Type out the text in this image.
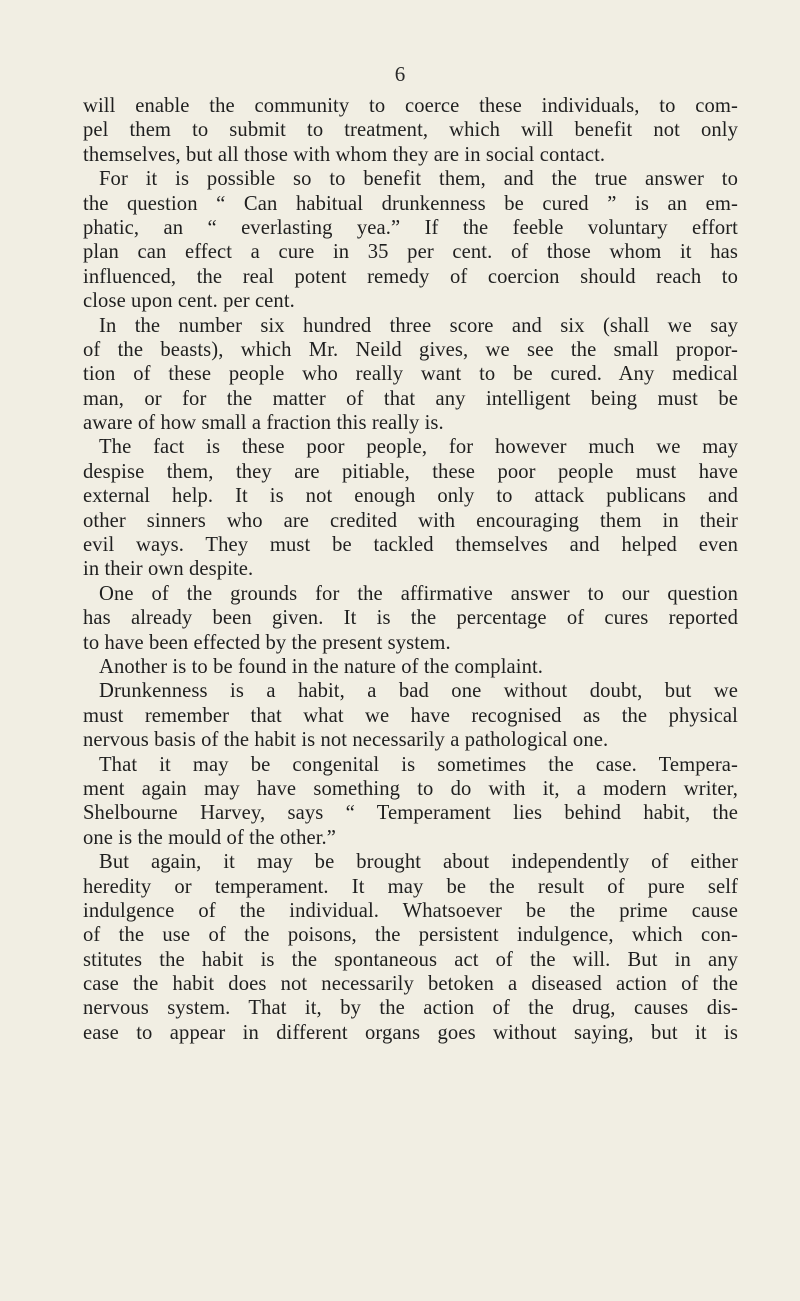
6
will enable the community to coerce these individuals, to com-
pel them to submit to treatment, which will benefit not only
themselves, but all those with whom they are in social contact.
For it is possible so to benefit them, and the true answer to
the question “ Can habitual drunkenness be cured ” is an em-
phatic, an “ everlasting yea.” If the feeble voluntary effort
plan can effect a cure in 35 per cent. of those whom it has
influenced, the real potent remedy of coercion should reach to
close upon cent. per cent.
In the number six hundred three score and six (shall we say
of the beasts), which Mr. Neild gives, we see the small propor-
tion of these people who really want to be cured. Any medical
man, or for the matter of that any intelligent being must be
aware of how small a fraction this really is.
The fact is these poor people, for however much we may
despise them, they are pitiable, these poor people must have
external help. It is not enough only to attack publicans and
other sinners who are credited with encouraging them in their
evil ways. They must be tackled themselves and helped even
in their own despite.
One of the grounds for the affirmative answer to our question
has already been given. It is the percentage of cures reported
to have been effected by the present system.
Another is to be found in the nature of the complaint.
Drunkenness is a habit, a bad one without doubt, but we
must remember that what we have recognised as the physical
nervous basis of the habit is not necessarily a pathological one.
That it may be congenital is sometimes the case. Tempera-
ment again may have something to do with it, a modern writer,
Shelbourne Harvey, says “ Temperament lies behind habit, the
one is the mould of the other.”
But again, it may be brought about independently of either
heredity or temperament. It may be the result of pure self
indulgence of the individual. Whatsoever be the prime cause
of the use of the poisons, the persistent indulgence, which con-
stitutes the habit is the spontaneous act of the will. But in any
case the habit does not necessarily betoken a diseased action of the
nervous system. That it, by the action of the drug, causes dis-
ease to appear in different organs goes without saying, but it is
